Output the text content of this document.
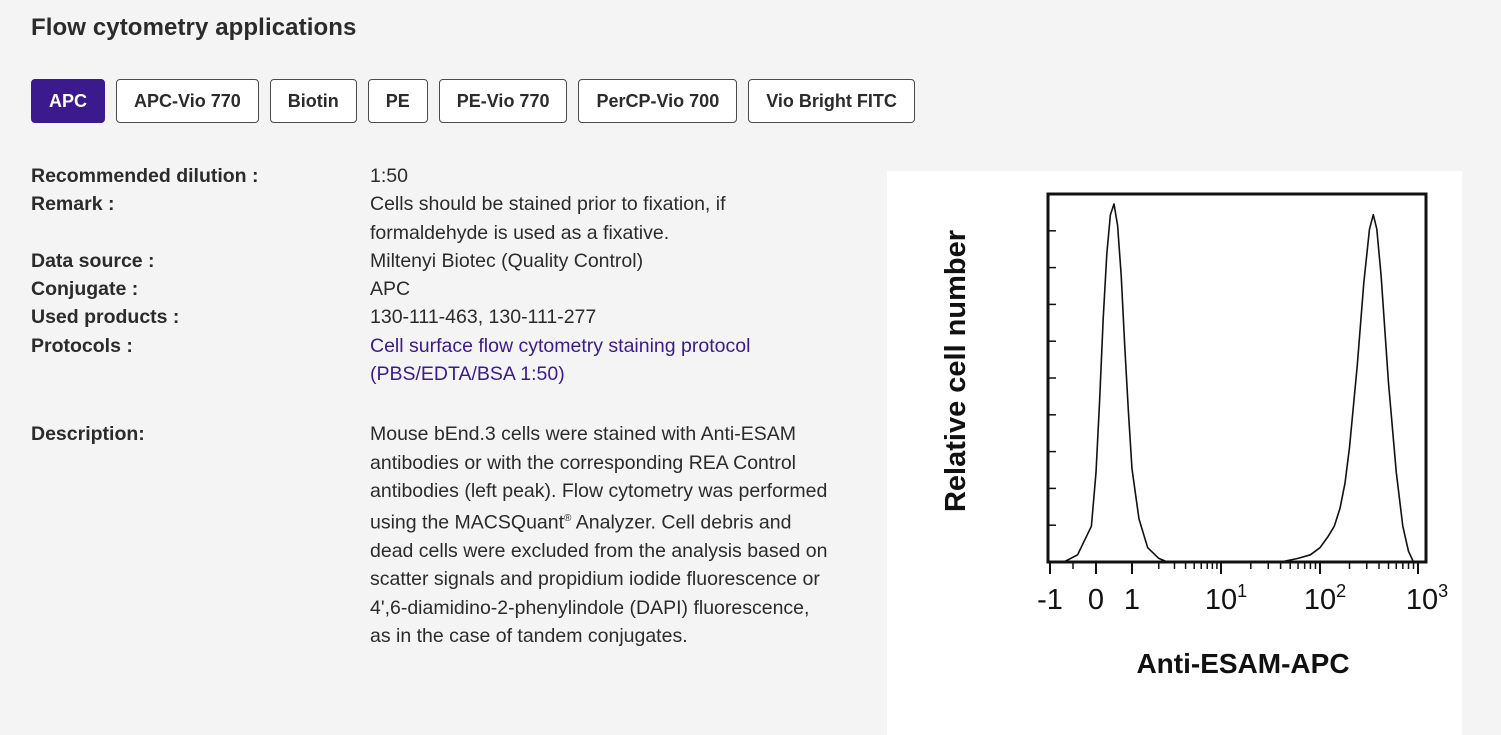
Flow cytometry applications
APC	APC-Vio 770	Biotin	PE	PE-Vio 770	PerCP-Vio 700	Vio Bright FITC
Recommended dilution :	1:50
Remark :	Cells should be stained prior to fixation, if formaldehyde is used as a fixative.
Data source :	Miltenyi Biotec (Quality Control)
Conjugate :	APC
Used products :	130-111-463, 130-111-277
Protocols :	Cell surface flow cytometry staining protocol (PBS/EDTA/BSA 1:50)
Description:	Mouse bEnd.3 cells were stained with Anti-ESAM antibodies or with the corresponding REA Control antibodies (left peak). Flow cytometry was performed using the MACSQuant® Analyzer. Cell debris and dead cells were excluded from the analysis based on scatter signals and propidium iodide fluorescence or 4',6-diamidino-2-phenylindole (DAPI) fluorescence, as in the case of tandem conjugates.
Relative cell number
Anti-ESAM-APC
-1 0 1 $10^1$ $10^2$ $10^3$
